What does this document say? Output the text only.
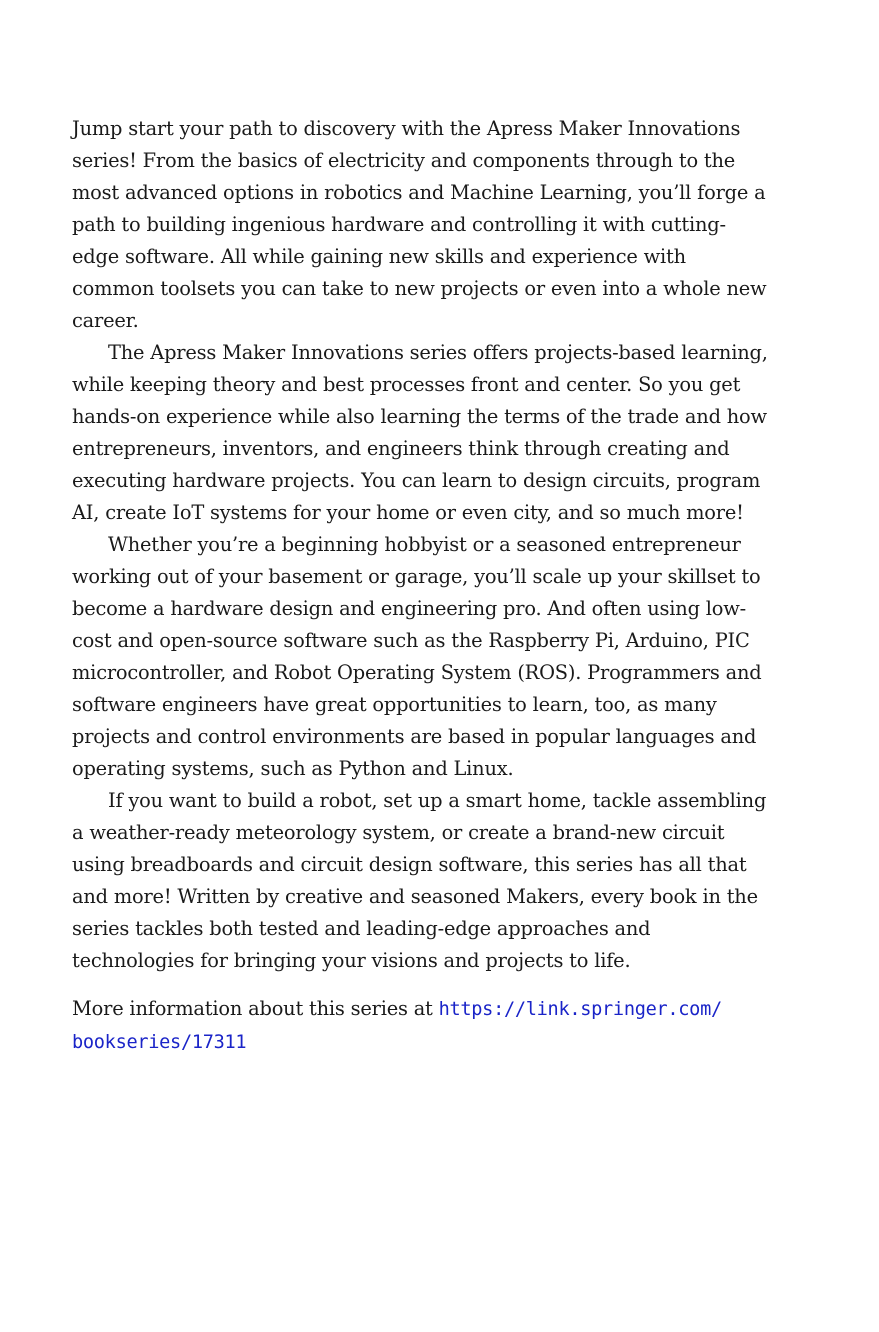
Jump start your path to discovery with the Apress Maker Innovations series! From the basics of electricity and components through to the most advanced options in robotics and Machine Learning, you’ll forge a path to building ingenious hardware and controlling it with cutting-edge software. All while gaining new skills and experience with common toolsets you can take to new projects or even into a whole new career.

The Apress Maker Innovations series offers projects-based learning, while keeping theory and best processes front and center. So you get hands-on experience while also learning the terms of the trade and how entrepreneurs, inventors, and engineers think through creating and executing hardware projects. You can learn to design circuits, program AI, create IoT systems for your home or even city, and so much more!

Whether you’re a beginning hobbyist or a seasoned entrepreneur working out of your basement or garage, you’ll scale up your skillset to become a hardware design and engineering pro. And often using low-cost and open-source software such as the Raspberry Pi, Arduino, PIC microcontroller, and Robot Operating System (ROS). Programmers and software engineers have great opportunities to learn, too, as many projects and control environments are based in popular languages and operating systems, such as Python and Linux.

If you want to build a robot, set up a smart home, tackle assembling a weather-ready meteorology system, or create a brand-new circuit using breadboards and circuit design software, this series has all that and more! Written by creative and seasoned Makers, every book in the series tackles both tested and leading-edge approaches and technologies for bringing your visions and projects to life.

More information about this series at https://link.springer.com/
bookseries/17311
